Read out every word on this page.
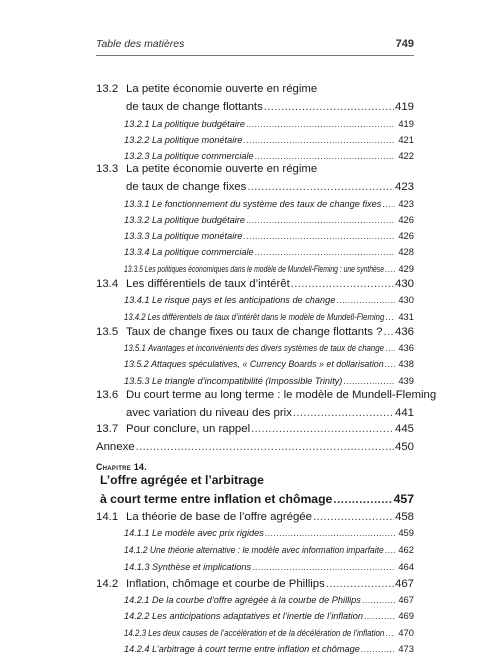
Table des matières	749
13.2 La petite économie ouverte en régime
de taux de change flottants .....	419
13.2.1 La politique budgétaire .....	419
13.2.2 La politique monétaire .....	421
13.2.3 La politique commerciale .....	422
13.3 La petite économie ouverte en régime
de taux de change fixes .....	423
13.3.1 Le fonctionnement du système des taux de change fixes ..... 423
13.3.2 La politique budgétaire .....	426
13.3.3 La politique monétaire .....	426
13.3.4 La politique commerciale .....	428
13.3.5 Les politiques économiques dans le modèle de Mundell-Fleming : une synthèse ..... 429
13.4 Les différentiels de taux d’intérêt .....	430
13.4.1 Le risque pays et les anticipations de change .....	430
13.4.2 Les différentiels de taux d’intérêt dans le modèle de Mundell-Fleming ..... 431
13.5 Taux de change fixes ou taux de change flottants ? ..... 436
13.5.1 Avantages et inconvénients des divers systèmes de taux de change ..... 436
13.5.2 Attaques spéculatives, « Currency Boards » et dollarisation ..... 438
13.5.3 Le triangle d’incompatibilité (Impossible Trinity) .....	439
13.6 Du court terme au long terme : le modèle de Mundell-Fleming
avec variation du niveau des prix .....	441
13.7 Pour conclure, un rappel .....	445
Annexe .....	450
Chapitre 14.
L’offre agrégée et l’arbitrage
à court terme entre inflation et chômage .....	457
14.1 La théorie de base de l’offre agrégée .....	458
14.1.1 Le modèle avec prix rigides .....	459
14.1.2 Une théorie alternative : le modèle avec information imparfaite ..... 462
14.1.3 Synthèse et implications .....	464
14.2 Inflation, chômage et courbe de Phillips .....	467
14.2.1 De la courbe d’offre agrégée à la courbe de Phillips .....	467
14.2.2 Les anticipations adaptatives et l’inertie de l’inflation .....	469
14.2.3 Les deux causes de l’accélération et de la décélération de l’inflation ..... 470
14.2.4 L’arbitrage à court terme entre inflation et chômage .....	473
